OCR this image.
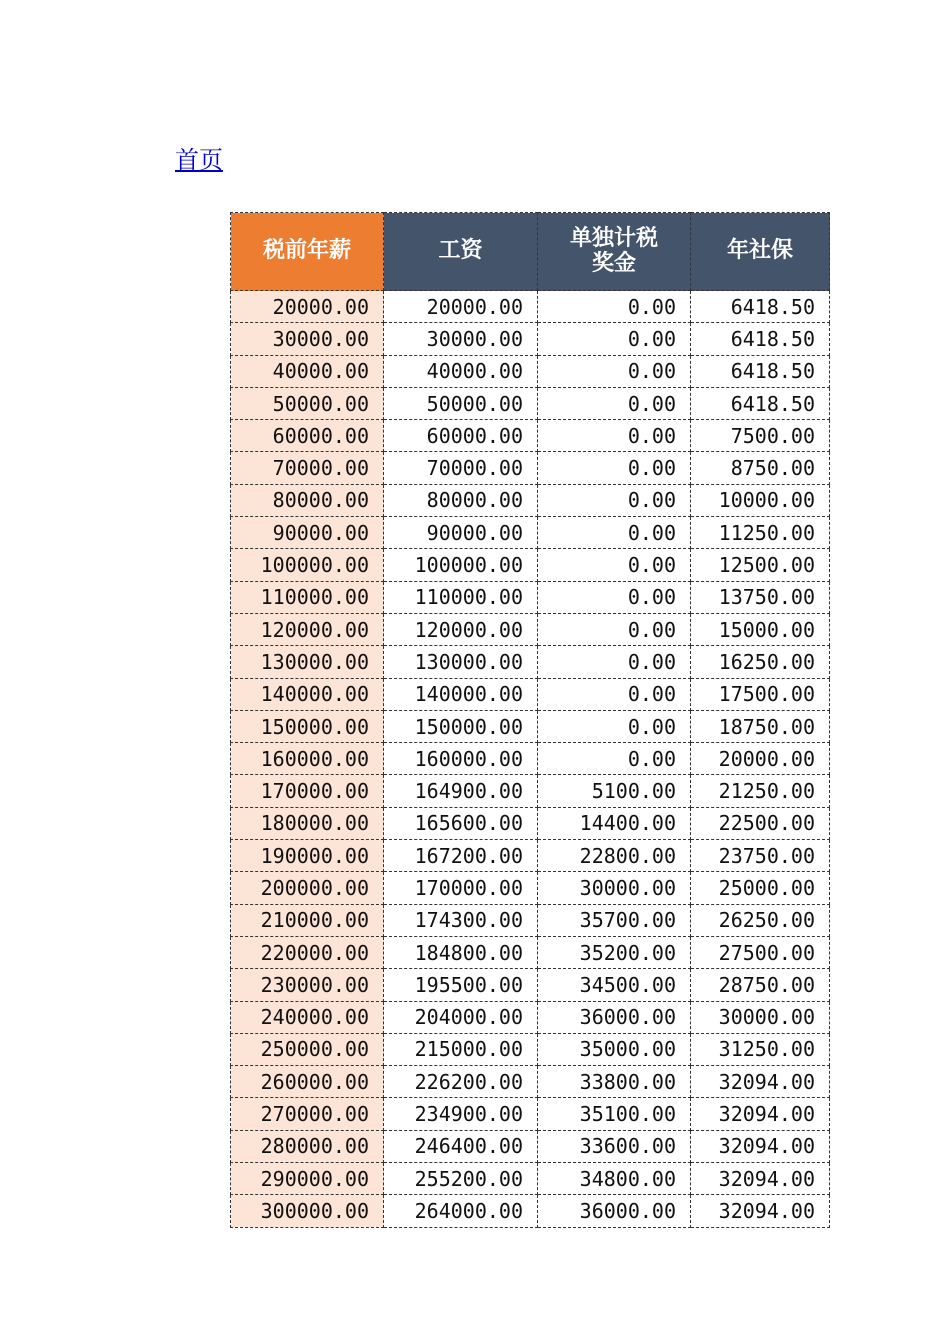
首页
税前年薪	工资	单独计税奖金	年社保

20000.00	20000.00	0.00	6418.50
30000.00	30000.00	0.00	6418.50
40000.00	40000.00	0.00	6418.50
50000.00	50000.00	0.00	6418.50
60000.00	60000.00	0.00	7500.00
70000.00	70000.00	0.00	8750.00
80000.00	80000.00	0.00	10000.00
90000.00	90000.00	0.00	11250.00
100000.00	100000.00	0.00	12500.00
110000.00	110000.00	0.00	13750.00
120000.00	120000.00	0.00	15000.00
130000.00	130000.00	0.00	16250.00
140000.00	140000.00	0.00	17500.00
150000.00	150000.00	0.00	18750.00
160000.00	160000.00	0.00	20000.00
170000.00	164900.00	5100.00	21250.00
180000.00	165600.00	14400.00	22500.00
190000.00	167200.00	22800.00	23750.00
200000.00	170000.00	30000.00	25000.00
210000.00	174300.00	35700.00	26250.00
220000.00	184800.00	35200.00	27500.00
230000.00	195500.00	34500.00	28750.00
240000.00	204000.00	36000.00	30000.00
250000.00	215000.00	35000.00	31250.00
260000.00	226200.00	33800.00	32094.00
270000.00	234900.00	35100.00	32094.00
280000.00	246400.00	33600.00	32094.00
290000.00	255200.00	34800.00	32094.00
300000.00	264000.00	36000.00	32094.00
